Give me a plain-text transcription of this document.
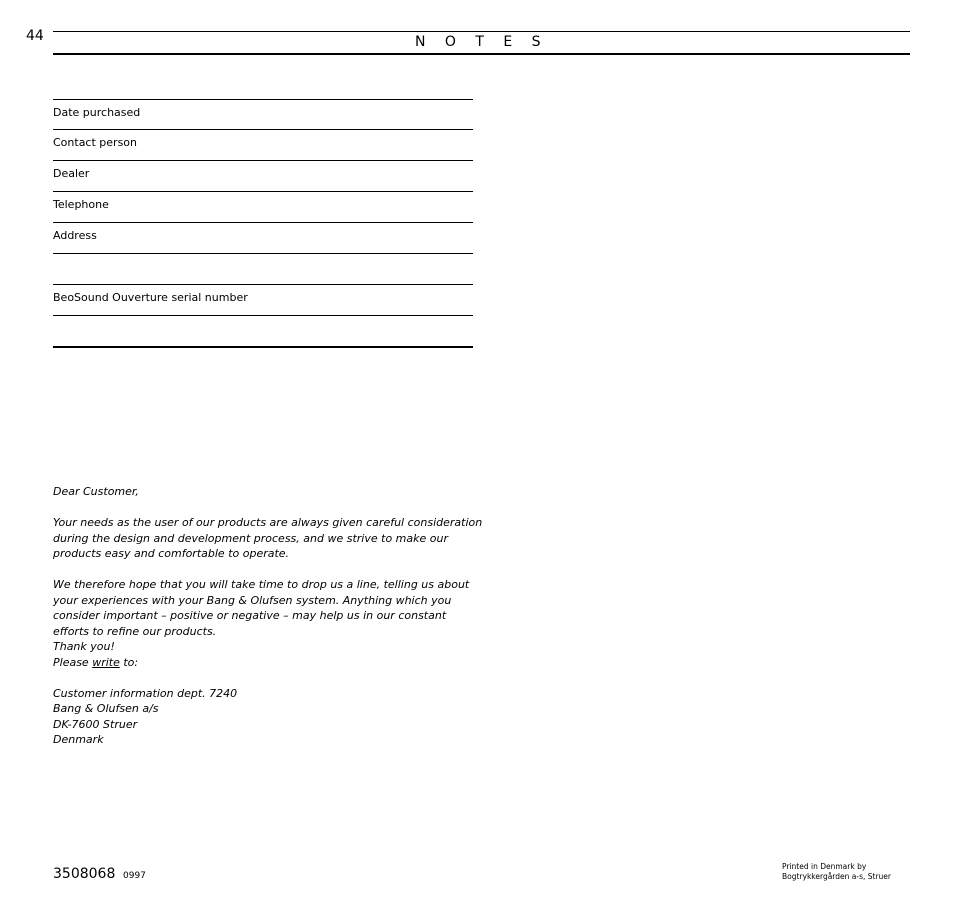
44	N O T E S
Date purchased
Contact person
Dealer
Telephone
Address
BeoSound Ouverture serial number

Dear Customer,

Your needs as the user of our products are always given careful consideration during the design and development process, and we strive to make our products easy and comfortable to operate.

We therefore hope that you will take time to drop us a line, telling us about your experiences with your Bang & Olufsen system. Anything which you consider important – positive or negative – may help us in our constant efforts to refine our products.

Thank you!

Please write to:

Customer information dept. 7240

Bang & Olufsen a/s

DK-7600 Struer

Denmark

3508068 0997
Printed in Denmark by
Bogtrykkergården a-s, Struer
